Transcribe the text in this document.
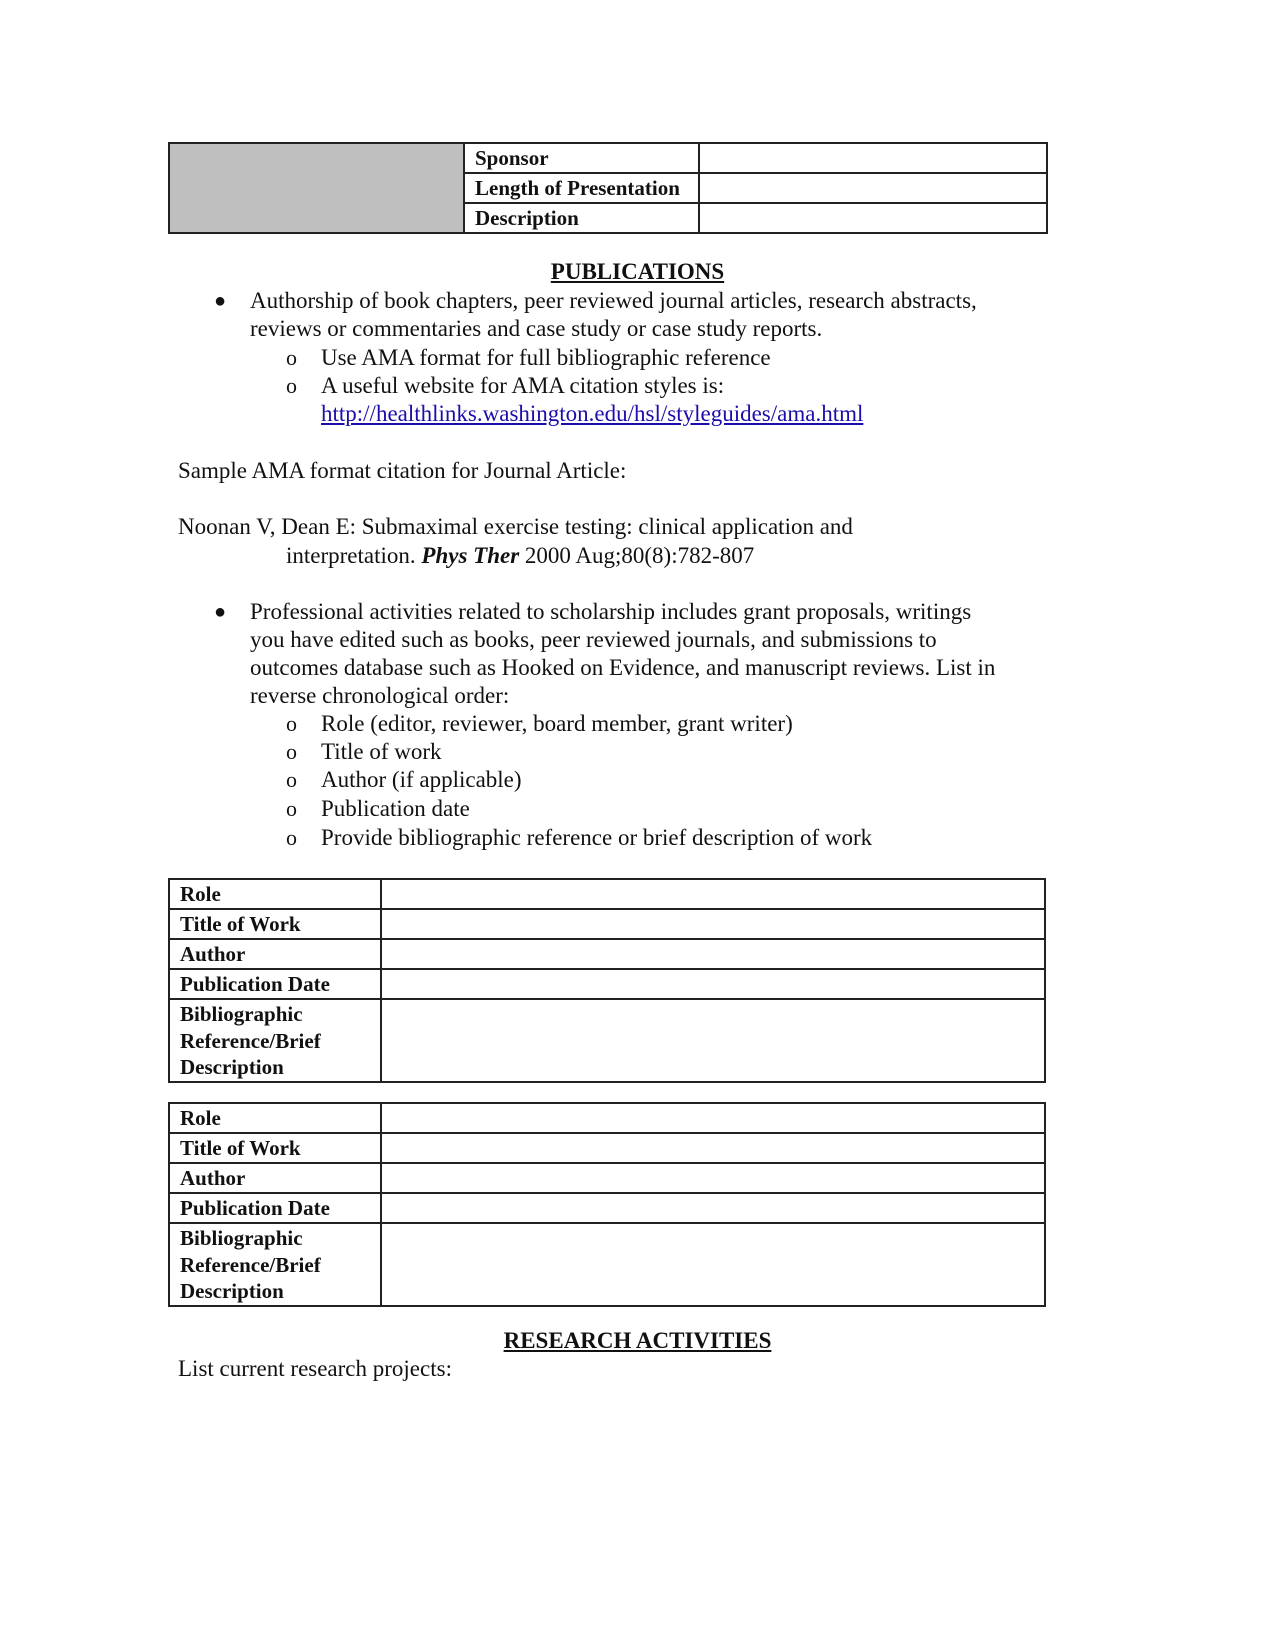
	Sponsor	
	Length of Presentation	
	Description	
PUBLICATIONS
● Authorship of book chapters, peer reviewed journal articles, research abstracts,
reviews or commentaries and case study or case study reports.
o Use AMA format for full bibliographic reference
o A useful website for AMA citation styles is:
http://healthlinks.washington.edu/hsl/styleguides/ama.html
Sample AMA format citation for Journal Article:
Noonan V, Dean E: Submaximal exercise testing: clinical application and
interpretation. Phys Ther 2000 Aug;80(8):782-807
● Professional activities related to scholarship includes grant proposals, writings
you have edited such as books, peer reviewed journals, and submissions to
outcomes database such as Hooked on Evidence, and manuscript reviews. List in
reverse chronological order:
o Role (editor, reviewer, board member, grant writer)
o Title of work
o Author (if applicable)
o Publication date
o Provide bibliographic reference or brief description of work
Role	
Title of Work	
Author	
Publication Date	
Bibliographic Reference/Brief Description	
Role	
Title of Work	
Author	
Publication Date	
Bibliographic Reference/Brief Description	
RESEARCH ACTIVITIES
List current research projects:
